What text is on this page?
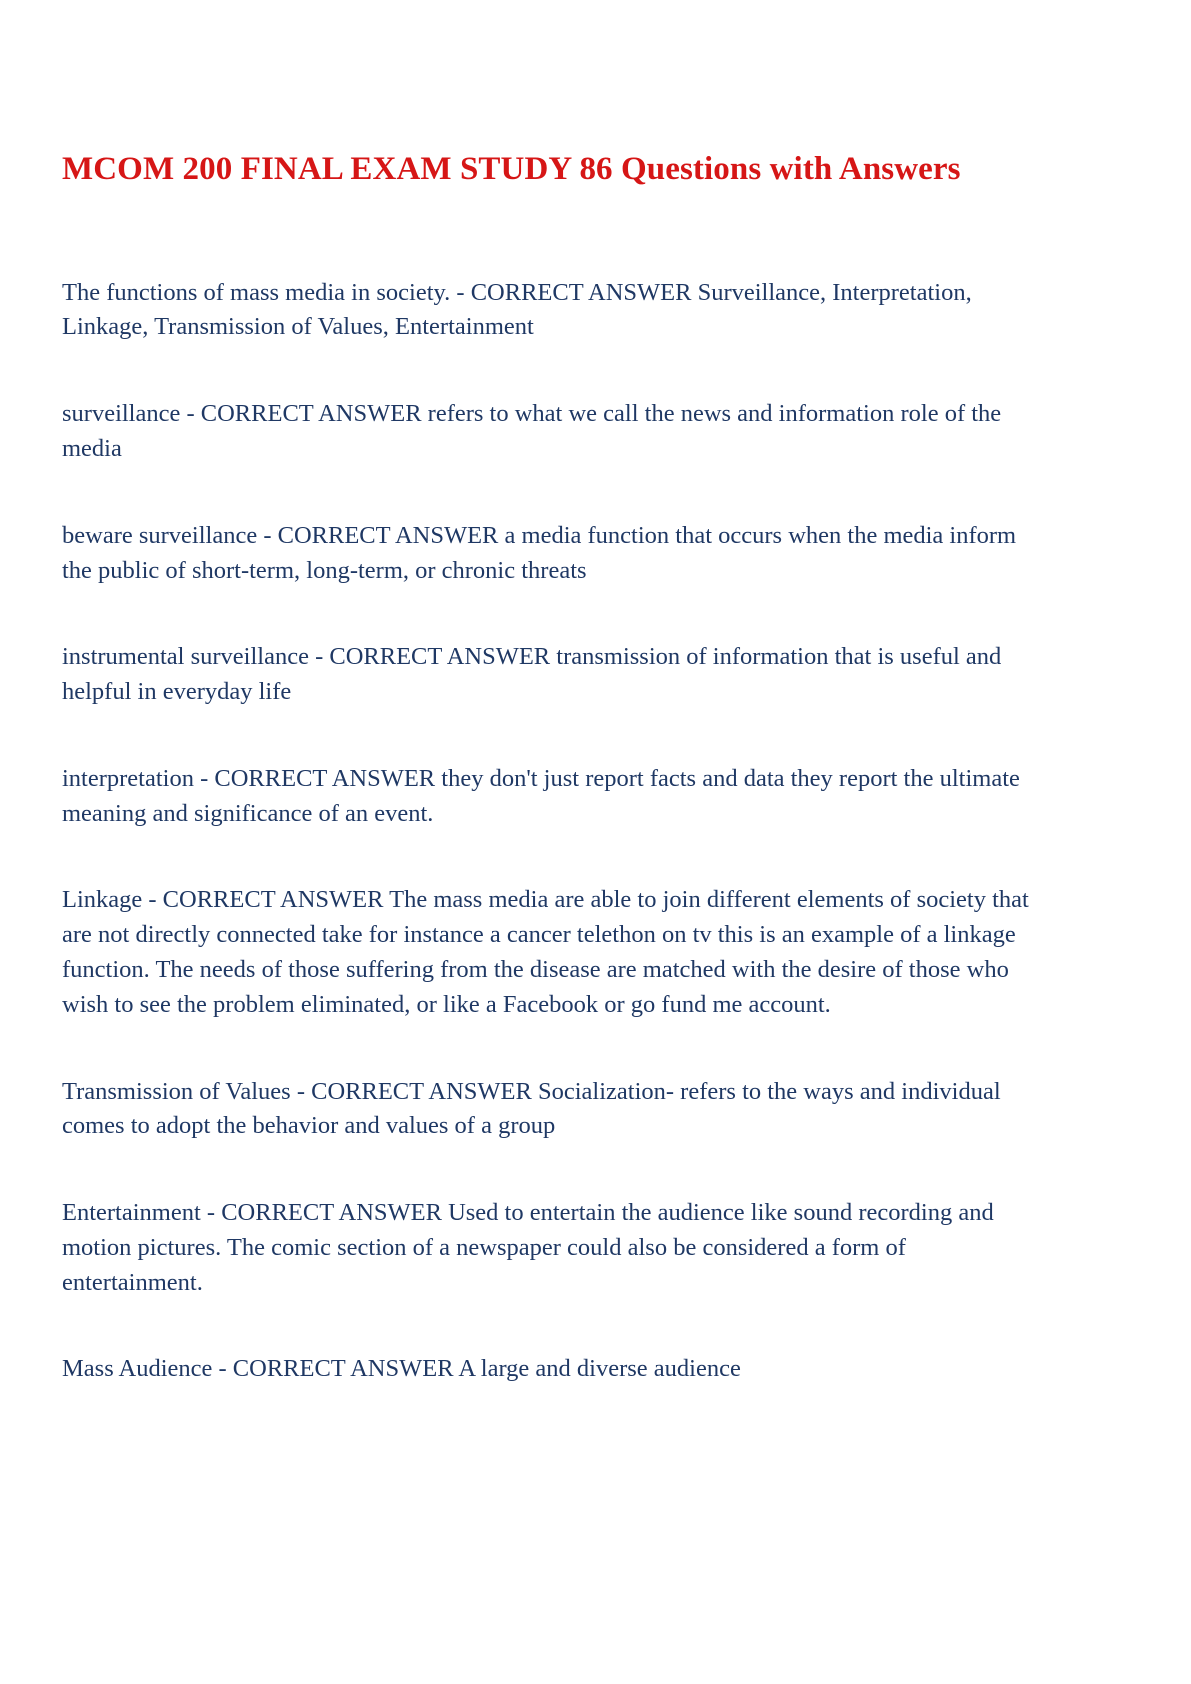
MCOM 200 FINAL EXAM STUDY 86 Questions with Answers

The functions of mass media in society. - CORRECT ANSWER Surveillance, Interpretation, Linkage, Transmission of Values, Entertainment

surveillance - CORRECT ANSWER refers to what we call the news and information role of the media

beware surveillance - CORRECT ANSWER a media function that occurs when the media inform the public of short-term, long-term, or chronic threats

instrumental surveillance - CORRECT ANSWER transmission of information that is useful and helpful in everyday life

interpretation - CORRECT ANSWER they don't just report facts and data they report the ultimate meaning and significance of an event.

Linkage - CORRECT ANSWER The mass media are able to join different elements of society that are not directly connected take for instance a cancer telethon on tv this is an example of a linkage function. The needs of those suffering from the disease are matched with the desire of those who wish to see the problem eliminated, or like a Facebook or go fund me account.

Transmission of Values - CORRECT ANSWER Socialization- refers to the ways and individual comes to adopt the behavior and values of a group

Entertainment - CORRECT ANSWER Used to entertain the audience like sound recording and motion pictures. The comic section of a newspaper could also be considered a form of entertainment.

Mass Audience - CORRECT ANSWER A large and diverse audience
